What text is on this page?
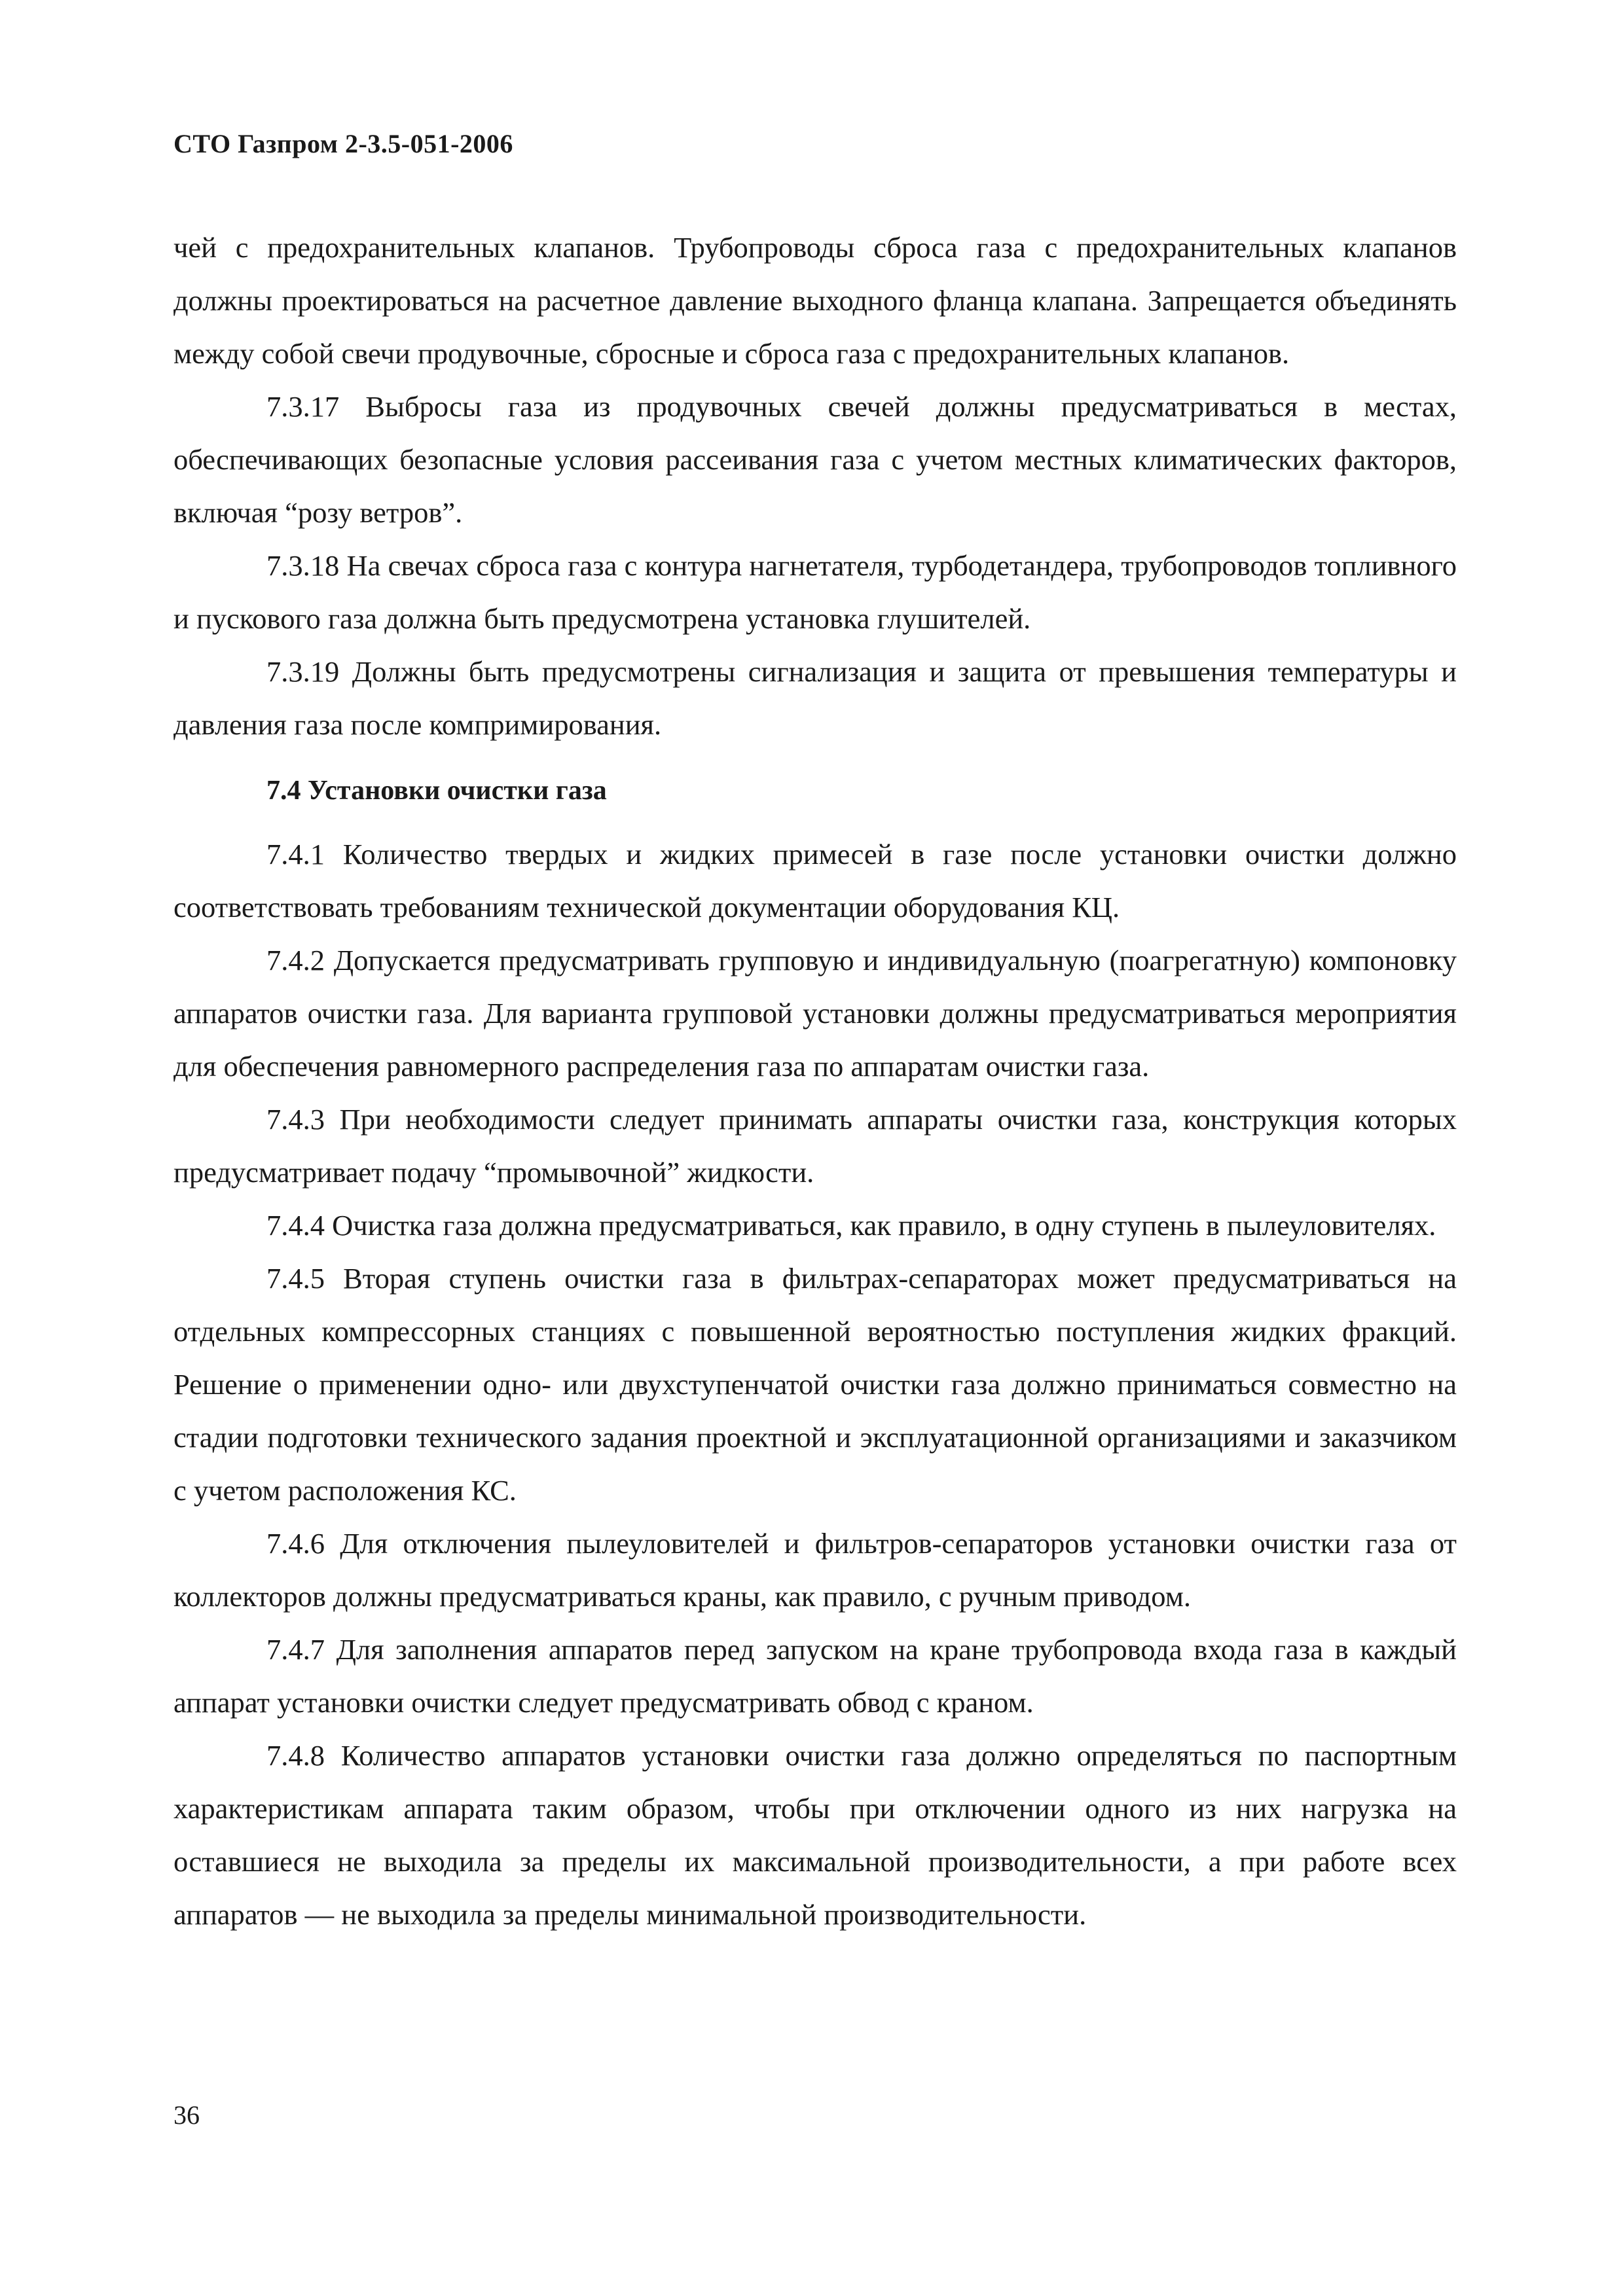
СТО Газпром 2-3.5-051-2006

чей с предохранительных клапанов. Трубопроводы сброса газа с предохранительных клапанов должны проектироваться на расчетное давление выходного фланца клапана. Запрещается объединять между собой свечи продувочные, сбросные и сброса газа с предохранительных клапанов.

7.3.17 Выбросы газа из продувочных свечей должны предусматриваться в местах, обеспечивающих безопасные условия рассеивания газа с учетом местных климатических факторов, включая “розу ветров”.

7.3.18 На свечах сброса газа с контура нагнетателя, турбодетандера, трубопроводов топливного и пускового газа должна быть предусмотрена установка глушителей.

7.3.19 Должны быть предусмотрены сигнализация и защита от превышения температуры и давления газа после компримирования.

7.4 Установки очистки газа

7.4.1 Количество твердых и жидких примесей в газе после установки очистки должно соответствовать требованиям технической документации оборудования КЦ.

7.4.2 Допускается предусматривать групповую и индивидуальную (поагрегатную) компоновку аппаратов очистки газа. Для варианта групповой установки должны предусматриваться мероприятия для обеспечения равномерного распределения газа по аппаратам очистки газа.

7.4.3 При необходимости следует принимать аппараты очистки газа, конструкция которых предусматривает подачу “промывочной” жидкости.

7.4.4 Очистка газа должна предусматриваться, как правило, в одну ступень в пылеуловителях.

7.4.5 Вторая ступень очистки газа в фильтрах-сепараторах может предусматриваться на отдельных компрессорных станциях с повышенной вероятностью поступления жидких фракций. Решение о применении одно- или двухступенчатой очистки газа должно приниматься совместно на стадии подготовки технического задания проектной и эксплуатационной организациями и заказчиком с учетом расположения КС.

7.4.6 Для отключения пылеуловителей и фильтров-сепараторов установки очистки газа от коллекторов должны предусматриваться краны, как правило, с ручным приводом.

7.4.7 Для заполнения аппаратов перед запуском на кране трубопровода входа газа в каждый аппарат установки очистки следует предусматривать обвод с краном.

7.4.8 Количество аппаратов установки очистки газа должно определяться по паспортным характеристикам аппарата таким образом, чтобы при отключении одного из них нагрузка на оставшиеся не выходила за пределы их максимальной производительности, а при работе всех аппаратов — не выходила за пределы минимальной производительности.

36
